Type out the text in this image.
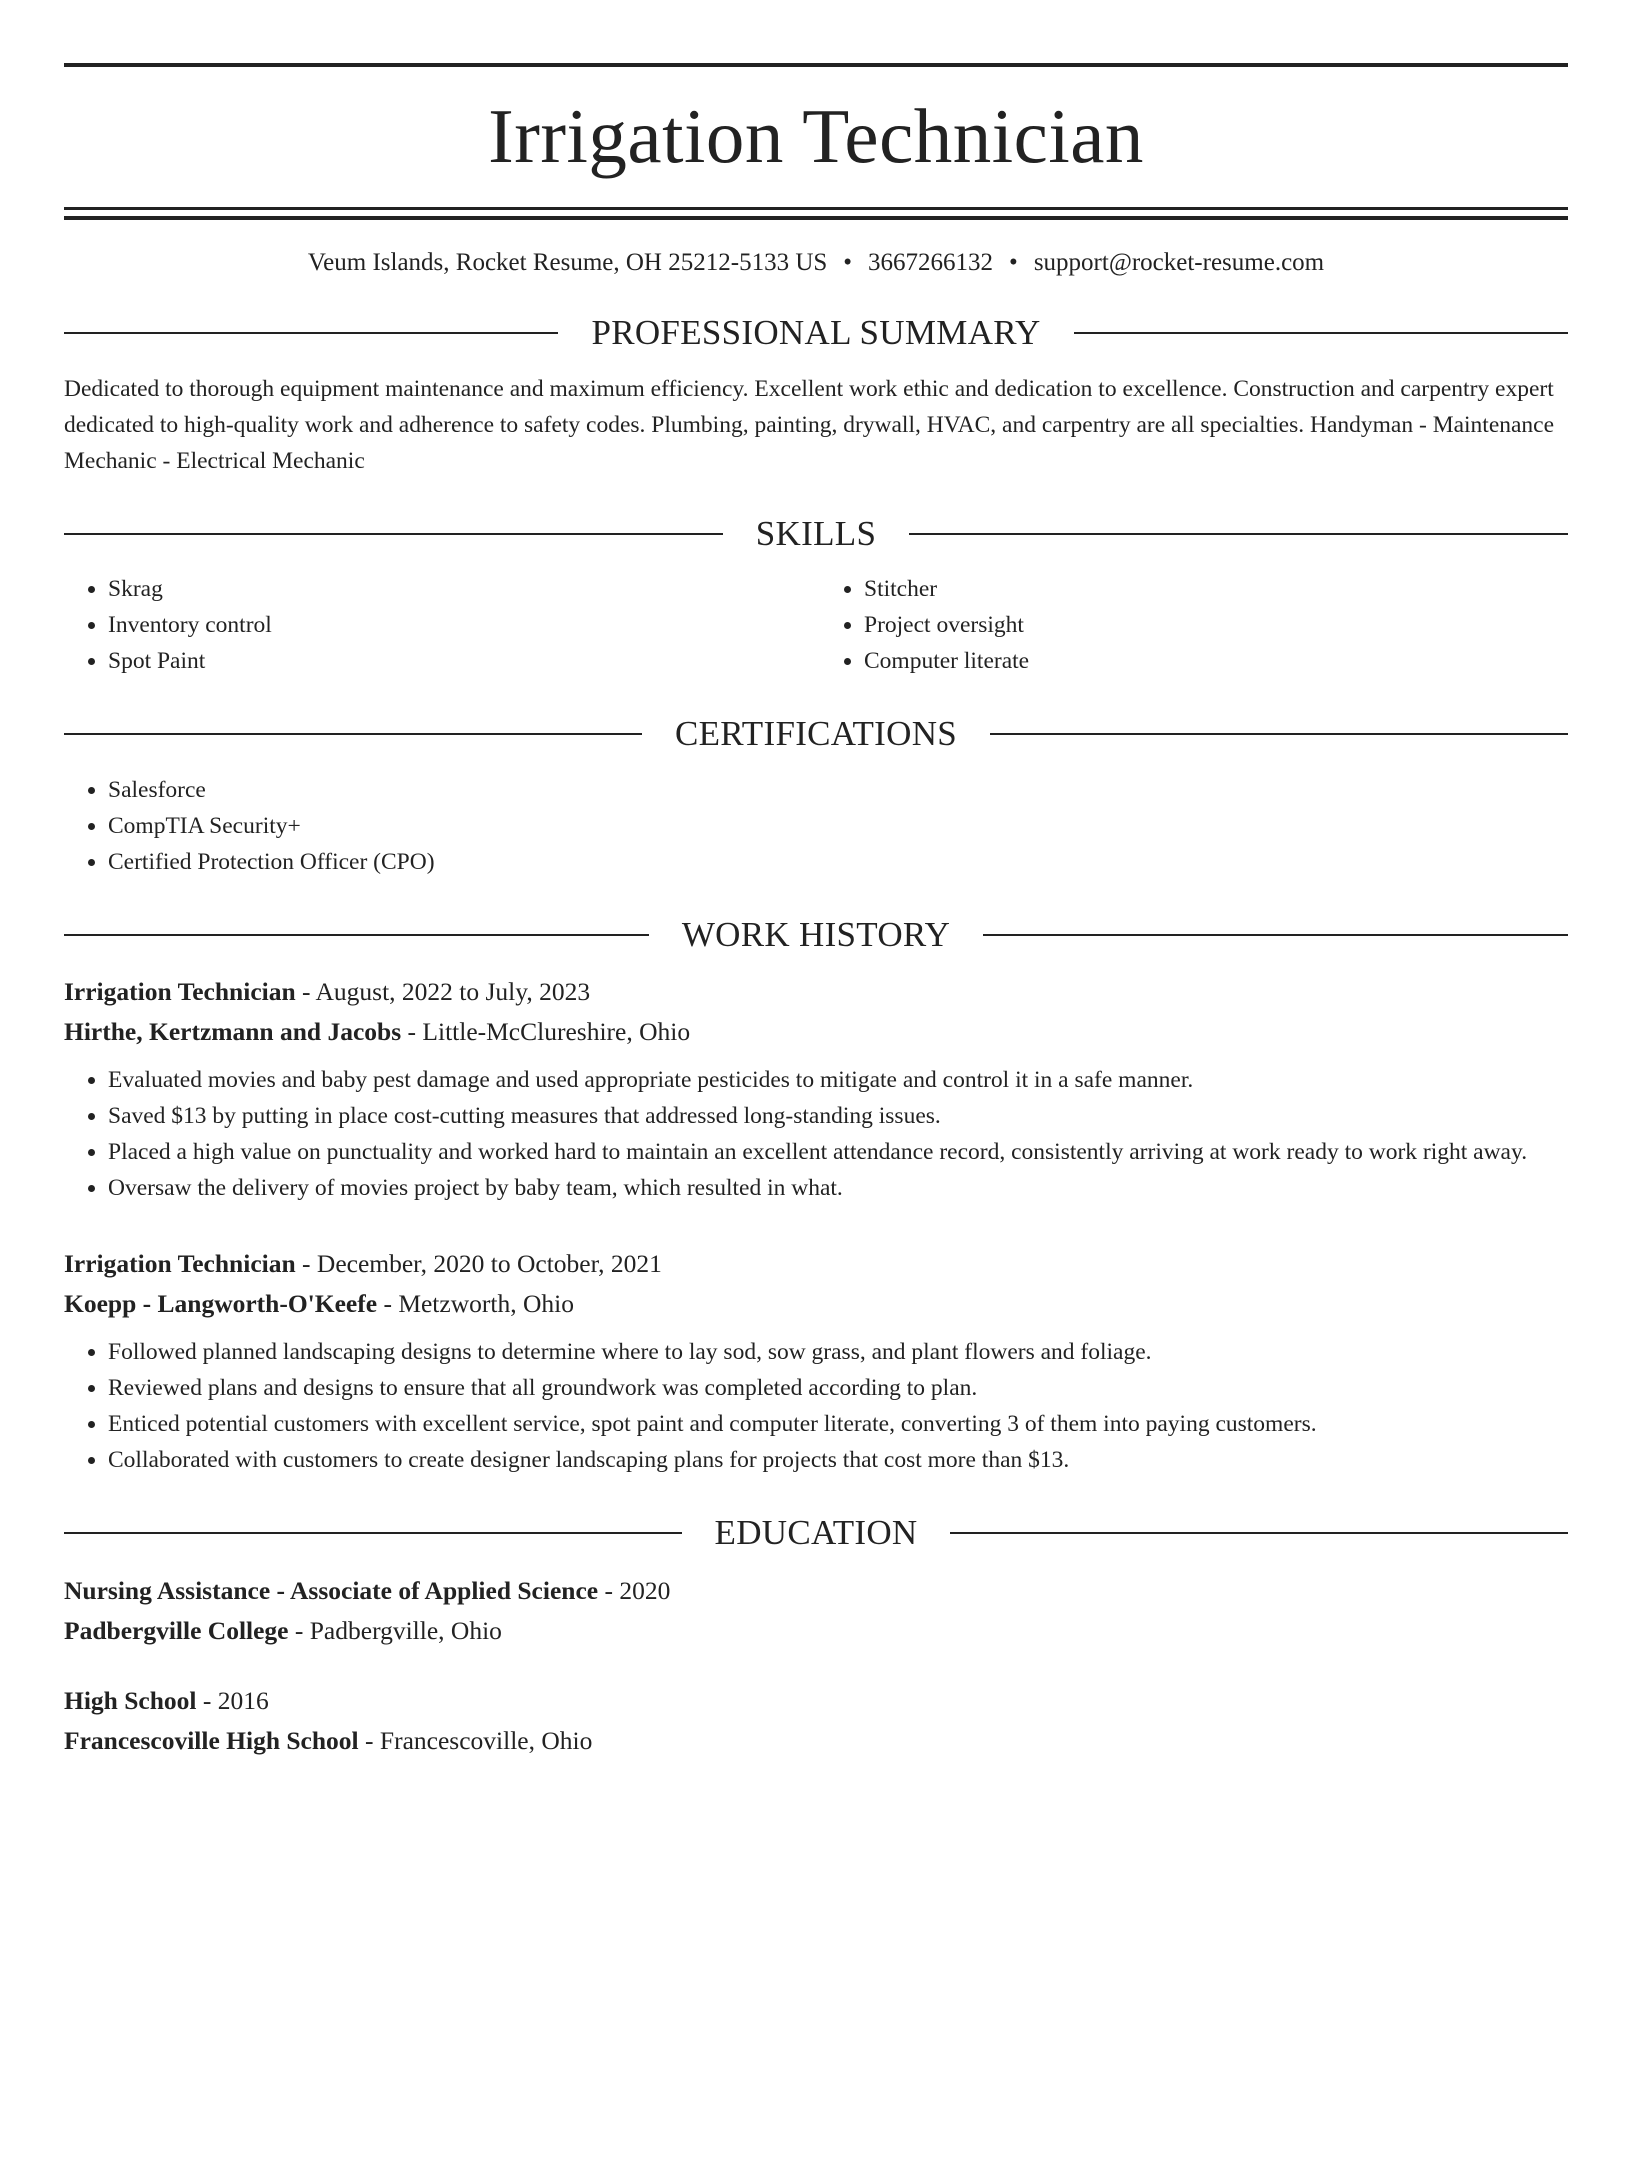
Irrigation Technician
Veum Islands, Rocket Resume, OH 25212-5133 US • 3667266132 • support@rocket-resume.com
PROFESSIONAL SUMMARY
Dedicated to thorough equipment maintenance and maximum efficiency. Excellent work ethic and dedication to excellence. Construction and carpentry expert dedicated to high-quality work and adherence to safety codes. Plumbing, painting, drywall, HVAC, and carpentry are all specialties. Handyman - Maintenance Mechanic - Electrical Mechanic
SKILLS
• Skrag
• Inventory control
• Spot Paint
• Stitcher
• Project oversight
• Computer literate
CERTIFICATIONS
• Salesforce
• CompTIA Security+
• Certified Protection Officer (CPO)
WORK HISTORY
Irrigation Technician - August, 2022 to July, 2023
Hirthe, Kertzmann and Jacobs - Little-McClureshire, Ohio
• Evaluated movies and baby pest damage and used appropriate pesticides to mitigate and control it in a safe manner.
• Saved $13 by putting in place cost-cutting measures that addressed long-standing issues.
• Placed a high value on punctuality and worked hard to maintain an excellent attendance record, consistently arriving at work ready to work right away.
• Oversaw the delivery of movies project by baby team, which resulted in what.
Irrigation Technician - December, 2020 to October, 2021
Koepp - Langworth-O'Keefe - Metzworth, Ohio
• Followed planned landscaping designs to determine where to lay sod, sow grass, and plant flowers and foliage.
• Reviewed plans and designs to ensure that all groundwork was completed according to plan.
• Enticed potential customers with excellent service, spot paint and computer literate, converting 3 of them into paying customers.
• Collaborated with customers to create designer landscaping plans for projects that cost more than $13.
EDUCATION
Nursing Assistance - Associate of Applied Science - 2020
Padbergville College - Padbergville, Ohio
High School - 2016
Francescoville High School - Francescoville, Ohio
